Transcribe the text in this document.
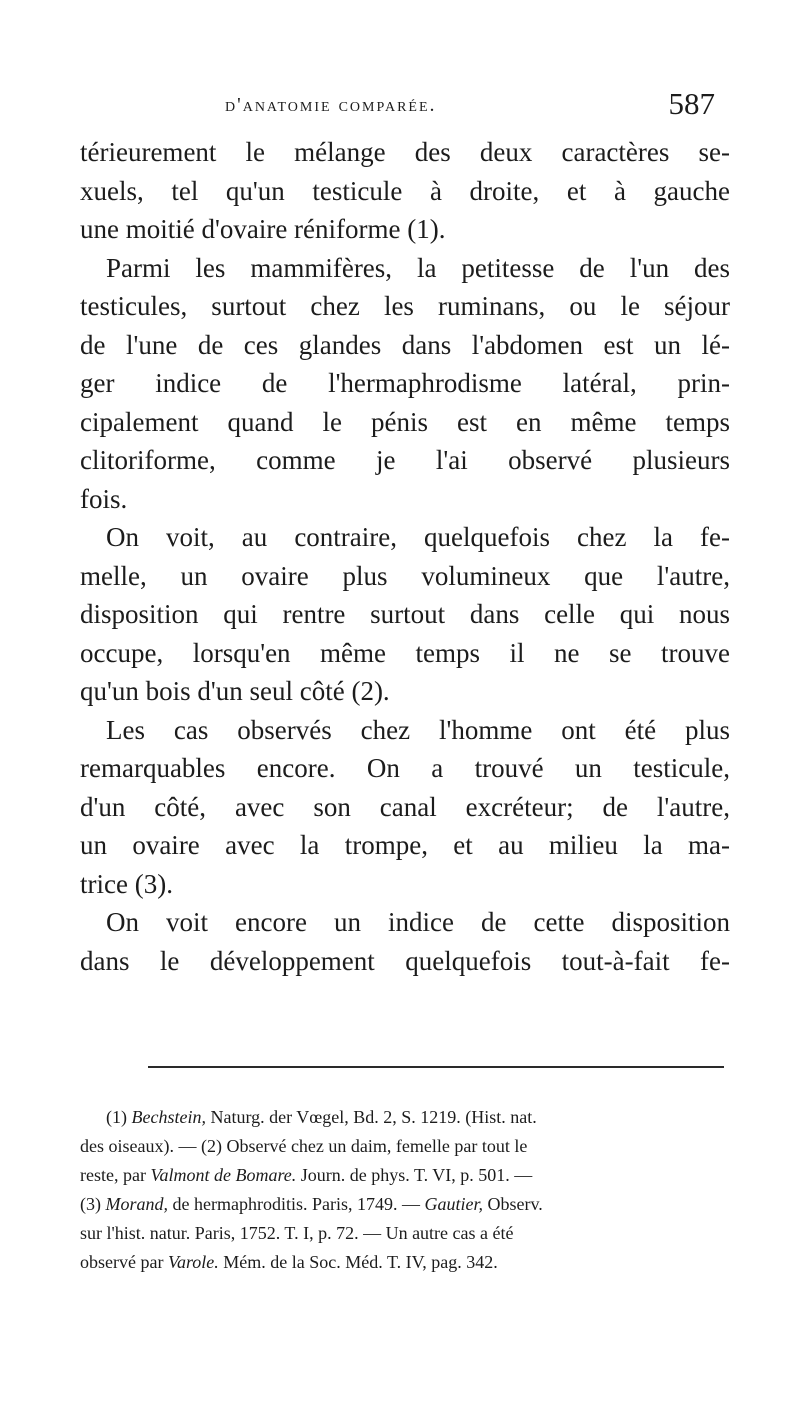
d'anatomie comparée.	587
térieurement le mélange des deux caractères se-
xuels, tel qu'un testicule à droite, et à gauche
une moitié d'ovaire réniforme (1).
Parmi les mammifères, la petitesse de l'un des
testicules, surtout chez les ruminans, ou le séjour
de l'une de ces glandes dans l'abdomen est un lé-
ger indice de l'hermaphrodisme latéral, prin-
cipalement quand le pénis est en même temps
clitoriforme, comme je l'ai observé plusieurs
fois.
On voit, au contraire, quelquefois chez la fe-
melle, un ovaire plus volumineux que l'autre,
disposition qui rentre surtout dans celle qui nous
occupe, lorsqu'en même temps il ne se trouve
qu'un bois d'un seul côté (2).
Les cas observés chez l'homme ont été plus
remarquables encore. On a trouvé un testicule,
d'un côté, avec son canal excréteur; de l'autre,
un ovaire avec la trompe, et au milieu la ma-
trice (3).
On voit encore un indice de cette disposition
dans le développement quelquefois tout-à-fait fe-
(1) Bechstein, Naturg. der Vœgel, Bd. 2, S. 1219. (Hist. nat.
des oiseaux). — (2) Observé chez un daim, femelle par tout le
reste, par Valmont de Bomare. Journ. de phys. T. VI, p. 501. —
(3) Morand, de hermaphroditis. Paris, 1749. — Gautier, Observ.
sur l'hist. natur. Paris, 1752. T. I, p. 72. — Un autre cas a été
observé par Varole. Mém. de la Soc. Méd. T. IV, pag. 342.
